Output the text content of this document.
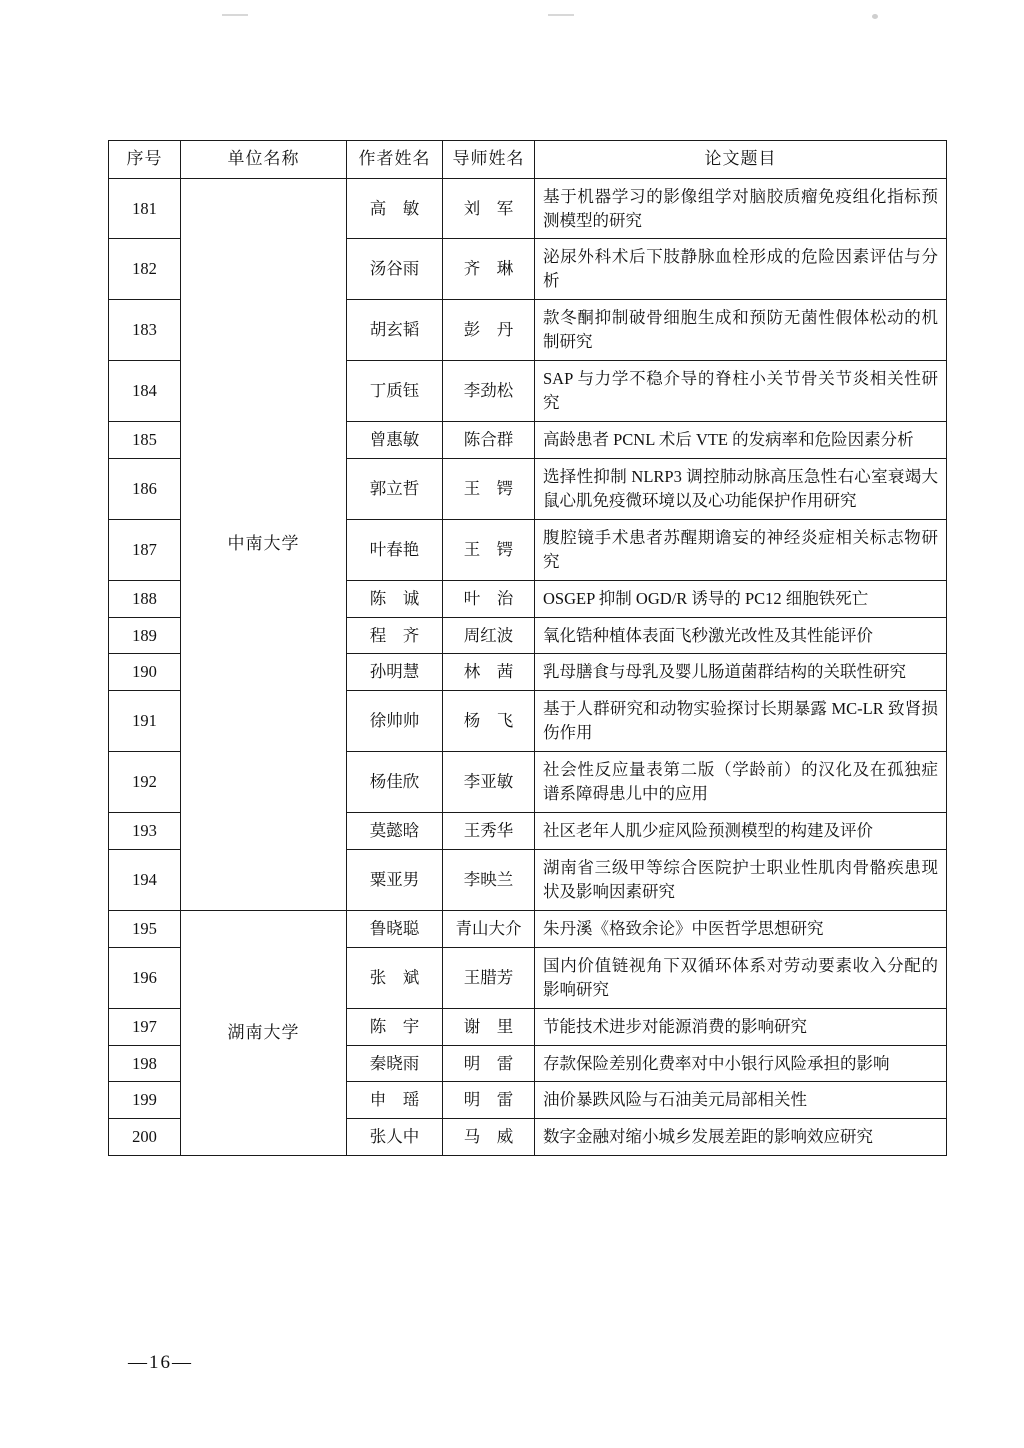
序号	单位名称	作者姓名	导师姓名	论文题目
181	中南大学	高　敏	刘　军	基于机器学习的影像组学对脑胶质瘤免疫组化指标预测模型的研究
182		汤谷雨	齐　琳	泌尿外科术后下肢静脉血栓形成的危险因素评估与分析
183		胡玄韬	彭　丹	款冬酮抑制破骨细胞生成和预防无菌性假体松动的机制研究
184		丁质钰	李劲松	SAP 与力学不稳介导的脊柱小关节骨关节炎相关性研究
185		曾惠敏	陈合群	高龄患者 PCNL 术后 VTE 的发病率和危险因素分析
186		郭立哲	王　锷	选择性抑制 NLRP3 调控肺动脉高压急性右心室衰竭大鼠心肌免疫微环境以及心功能保护作用研究
187		叶春艳	王　锷	腹腔镜手术患者苏醒期谵妄的神经炎症相关标志物研究
188		陈　诚	叶　治	OSGEP 抑制 OGD/R 诱导的 PC12 细胞铁死亡
189		程　齐	周红波	氧化锆种植体表面飞秒激光改性及其性能评价
190		孙明慧	林　茜	乳母膳食与母乳及婴儿肠道菌群结构的关联性研究
191		徐帅帅	杨　飞	基于人群研究和动物实验探讨长期暴露 MC-LR 致肾损伤作用
192		杨佳欣	李亚敏	社会性反应量表第二版（学龄前）的汉化及在孤独症谱系障碍患儿中的应用
193		莫懿晗	王秀华	社区老年人肌少症风险预测模型的构建及评价
194		粟亚男	李映兰	湖南省三级甲等综合医院护士职业性肌肉骨骼疾患现状及影响因素研究
195	湖南大学	鲁晓聪	青山大介	朱丹溪《格致余论》中医哲学思想研究
196		张　斌	王腊芳	国内价值链视角下双循环体系对劳动要素收入分配的影响研究
197		陈　宇	谢　里	节能技术进步对能源消费的影响研究
198		秦晓雨	明　雷	存款保险差别化费率对中小银行风险承担的影响
199		申　瑶	明　雷	油价暴跌风险与石油美元局部相关性
200		张人中	马　威	数字金融对缩小城乡发展差距的影响效应研究
—16—
